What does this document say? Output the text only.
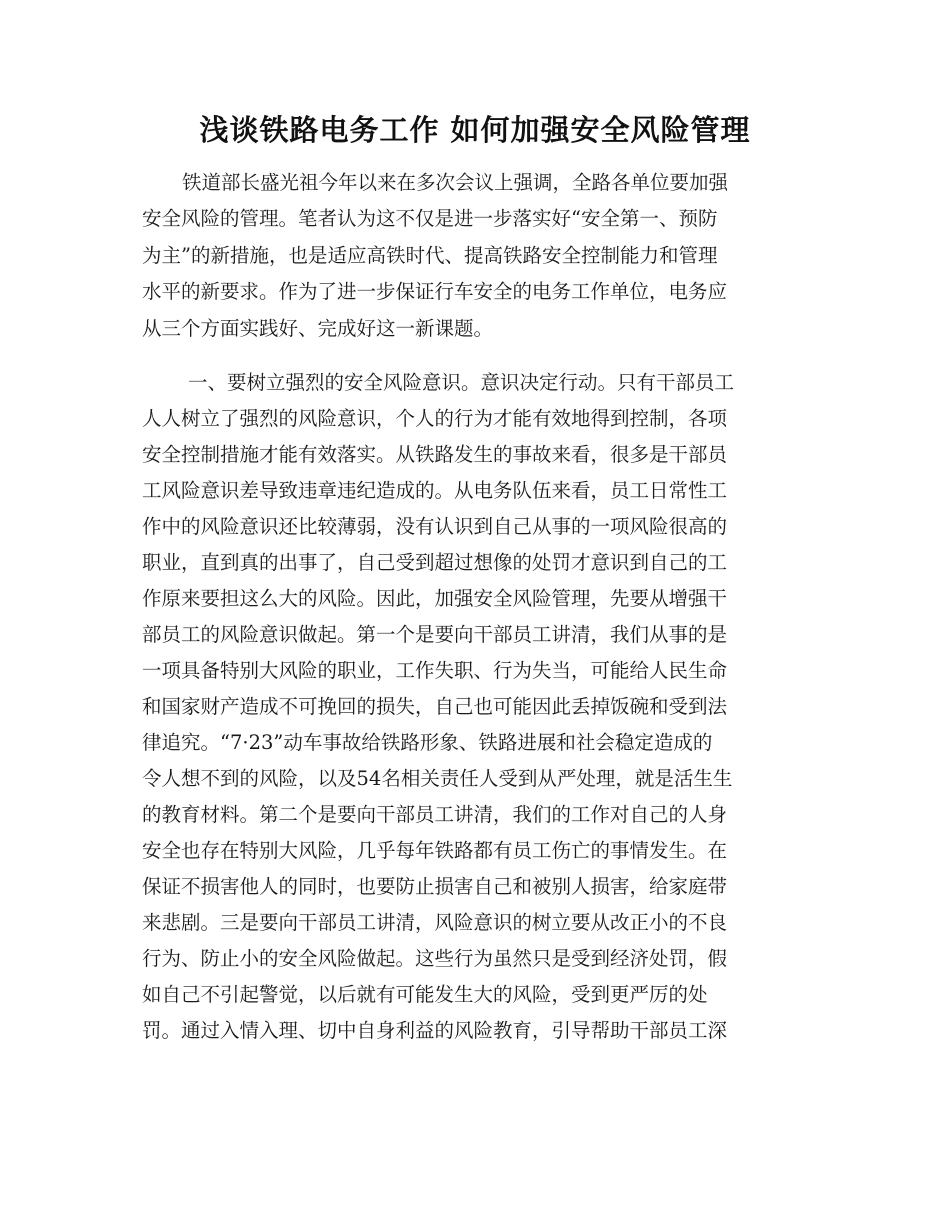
浅谈铁路电务工作 如何加强安全风险管理

铁道部长盛光祖今年以来在多次会议上强调，全路各单位要加强

安全风险的管理。笔者认为这不仅是进一步落实好“安全第一、预防

为主”的新措施，也是适应高铁时代、提高铁路安全控制能力和管理

水平的新要求。作为了进一步保证行车安全的电务工作单位，电务应

从三个方面实践好、完成好这一新课题。

一、要树立强烈的安全风险意识。意识决定行动。只有干部员工

人人树立了强烈的风险意识，个人的行为才能有效地得到控制，各项

安全控制措施才能有效落实。从铁路发生的事故来看，很多是干部员

工风险意识差导致违章违纪造成的。从电务队伍来看，员工日常性工

作中的风险意识还比较薄弱，没有认识到自己从事的一项风险很高的

职业，直到真的出事了，自己受到超过想像的处罚才意识到自己的工

作原来要担这么大的风险。因此，加强安全风险管理，先要从增强干

部员工的风险意识做起。第一个是要向干部员工讲清，我们从事的是

一项具备特别大风险的职业，工作失职、行为失当，可能给人民生命

和国家财产造成不可挽回的损失，自己也可能因此丢掉饭碗和受到法

律追究。“7·23”动车事故给铁路形象、铁路进展和社会稳定造成的

令人想不到的风险，以及54名相关责任人受到从严处理，就是活生生

的教育材料。第二个是要向干部员工讲清，我们的工作对自己的人身

安全也存在特别大风险，几乎每年铁路都有员工伤亡的事情发生。在

保证不损害他人的同时，也要防止损害自己和被别人损害，给家庭带

来悲剧。三是要向干部员工讲清，风险意识的树立要从改正小的不良

行为、防止小的安全风险做起。这些行为虽然只是受到经济处罚，假

如自己不引起警觉，以后就有可能发生大的风险，受到更严厉的处

罚。通过入情入理、切中自身利益的风险教育，引导帮助干部员工深
